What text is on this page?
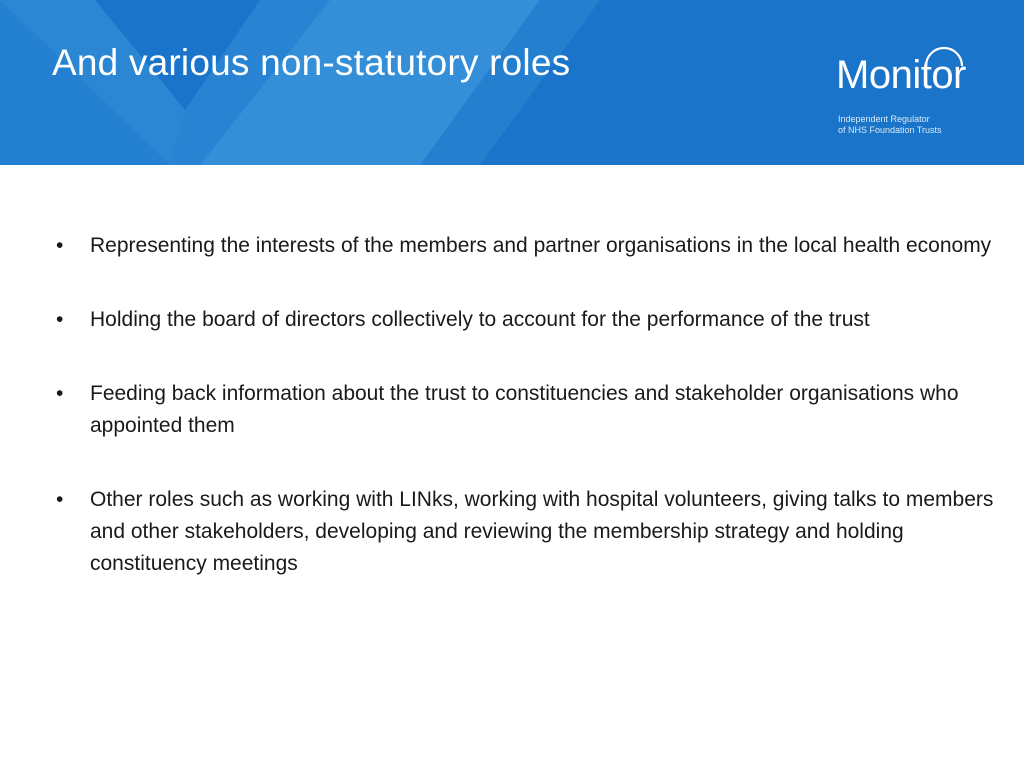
And various non-statutory roles	Monitor
Independent Regulator
of NHS Foundation Trusts
•	Representing the interests of the members and partner organisations in the local health economy
•	Holding the board of directors collectively to account for the performance of the trust
•	Feeding back information about the trust to constituencies and stakeholder organisations who appointed them
•	Other roles such as working with LINks, working with hospital volunteers, giving talks to members and other stakeholders, developing and reviewing the membership strategy and holding constituency meetings
